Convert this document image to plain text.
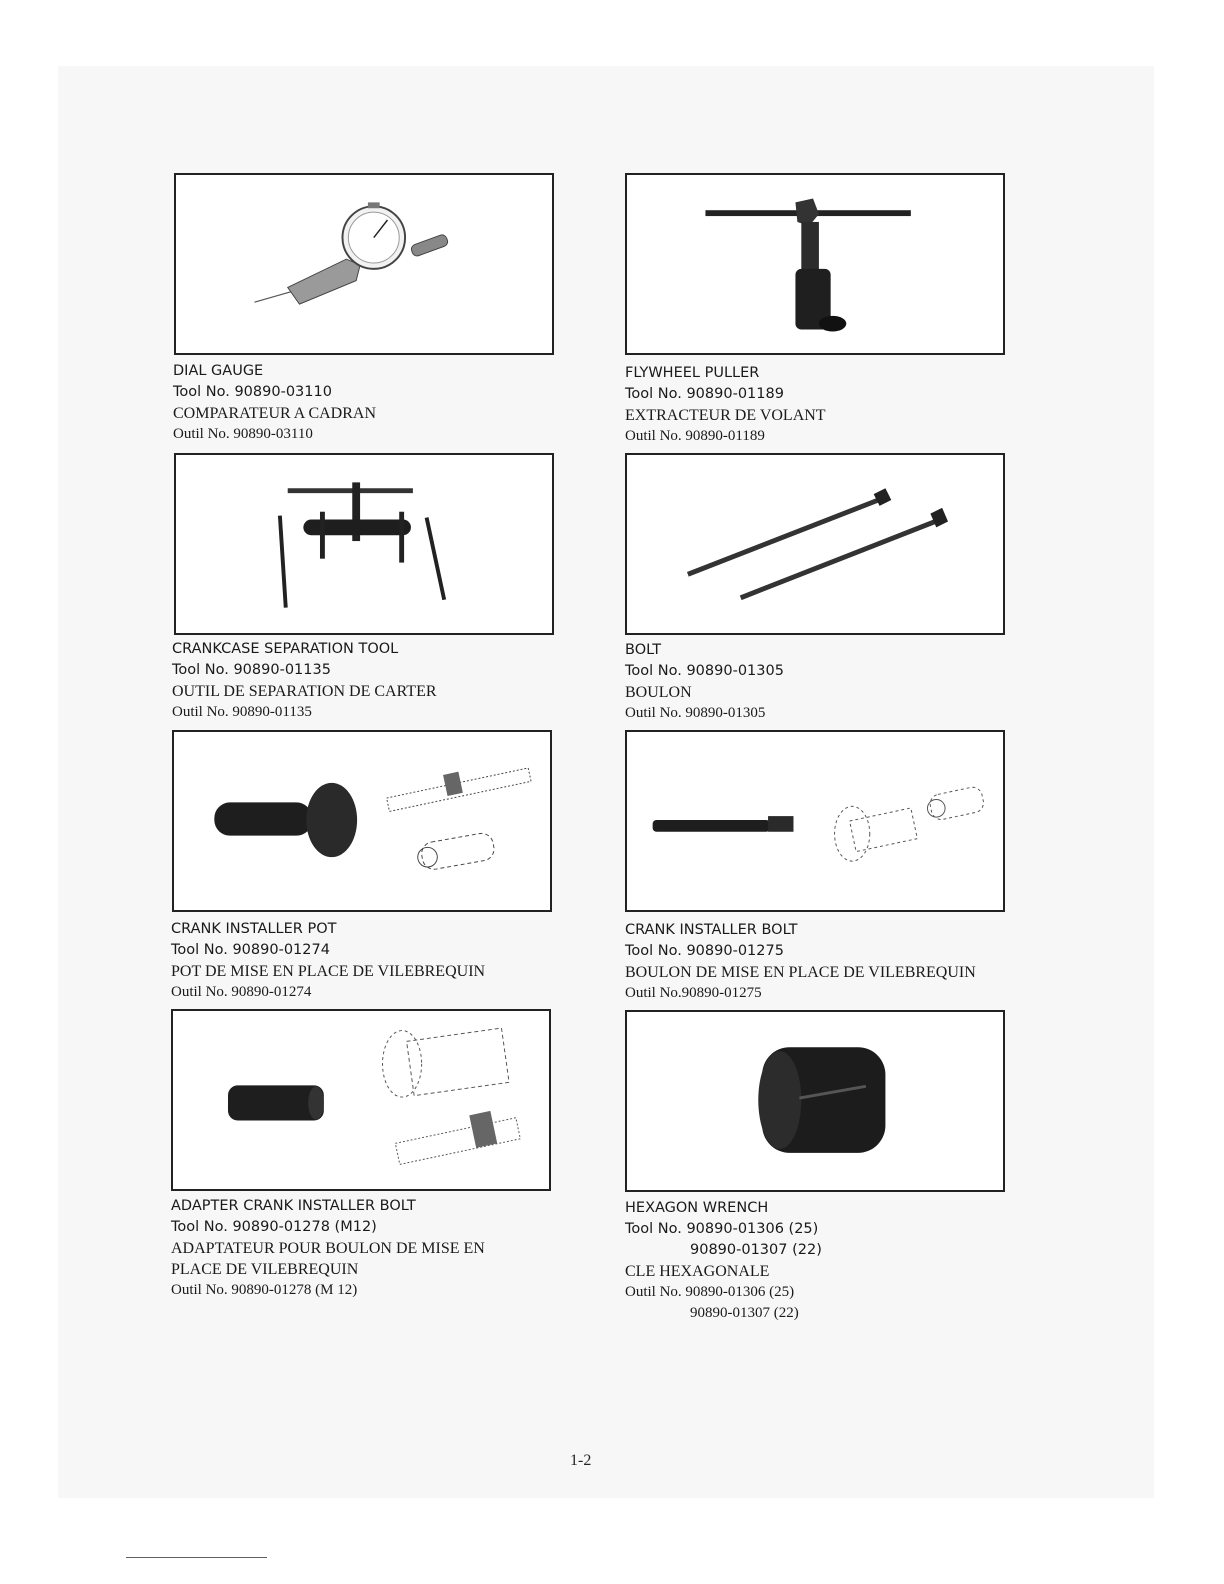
DIAL GAUGE
Tool No. 90890-03110
COMPARATEUR A CADRAN
Outil No. 90890-03110
FLYWHEEL PULLER
Tool No. 90890-01189
EXTRACTEUR DE VOLANT
Outil No. 90890-01189
CRANKCASE SEPARATION TOOL
Tool No. 90890-01135
OUTIL DE SEPARATION DE CARTER
Outil No. 90890-01135
BOLT
Tool No. 90890-01305
BOULON
Outil No. 90890-01305
CRANK INSTALLER POT
Tool No. 90890-01274
POT DE MISE EN PLACE DE VILEBREQUIN
Outil No. 90890-01274
CRANK INSTALLER BOLT
Tool No. 90890-01275
BOULON DE MISE EN PLACE DE VILEBREQUIN
Outil No.90890-01275
ADAPTER CRANK INSTALLER BOLT
Tool No. 90890-01278 (M12)
ADAPTATEUR POUR BOULON DE MISE EN
PLACE DE VILEBREQUIN
Outil No. 90890-01278 (M 12)
HEXAGON WRENCH
Tool No. 90890-01306 (25)
90890-01307 (22)
CLE HEXAGONALE
Outil No. 90890-01306 (25)
90890-01307 (22)
1-2
